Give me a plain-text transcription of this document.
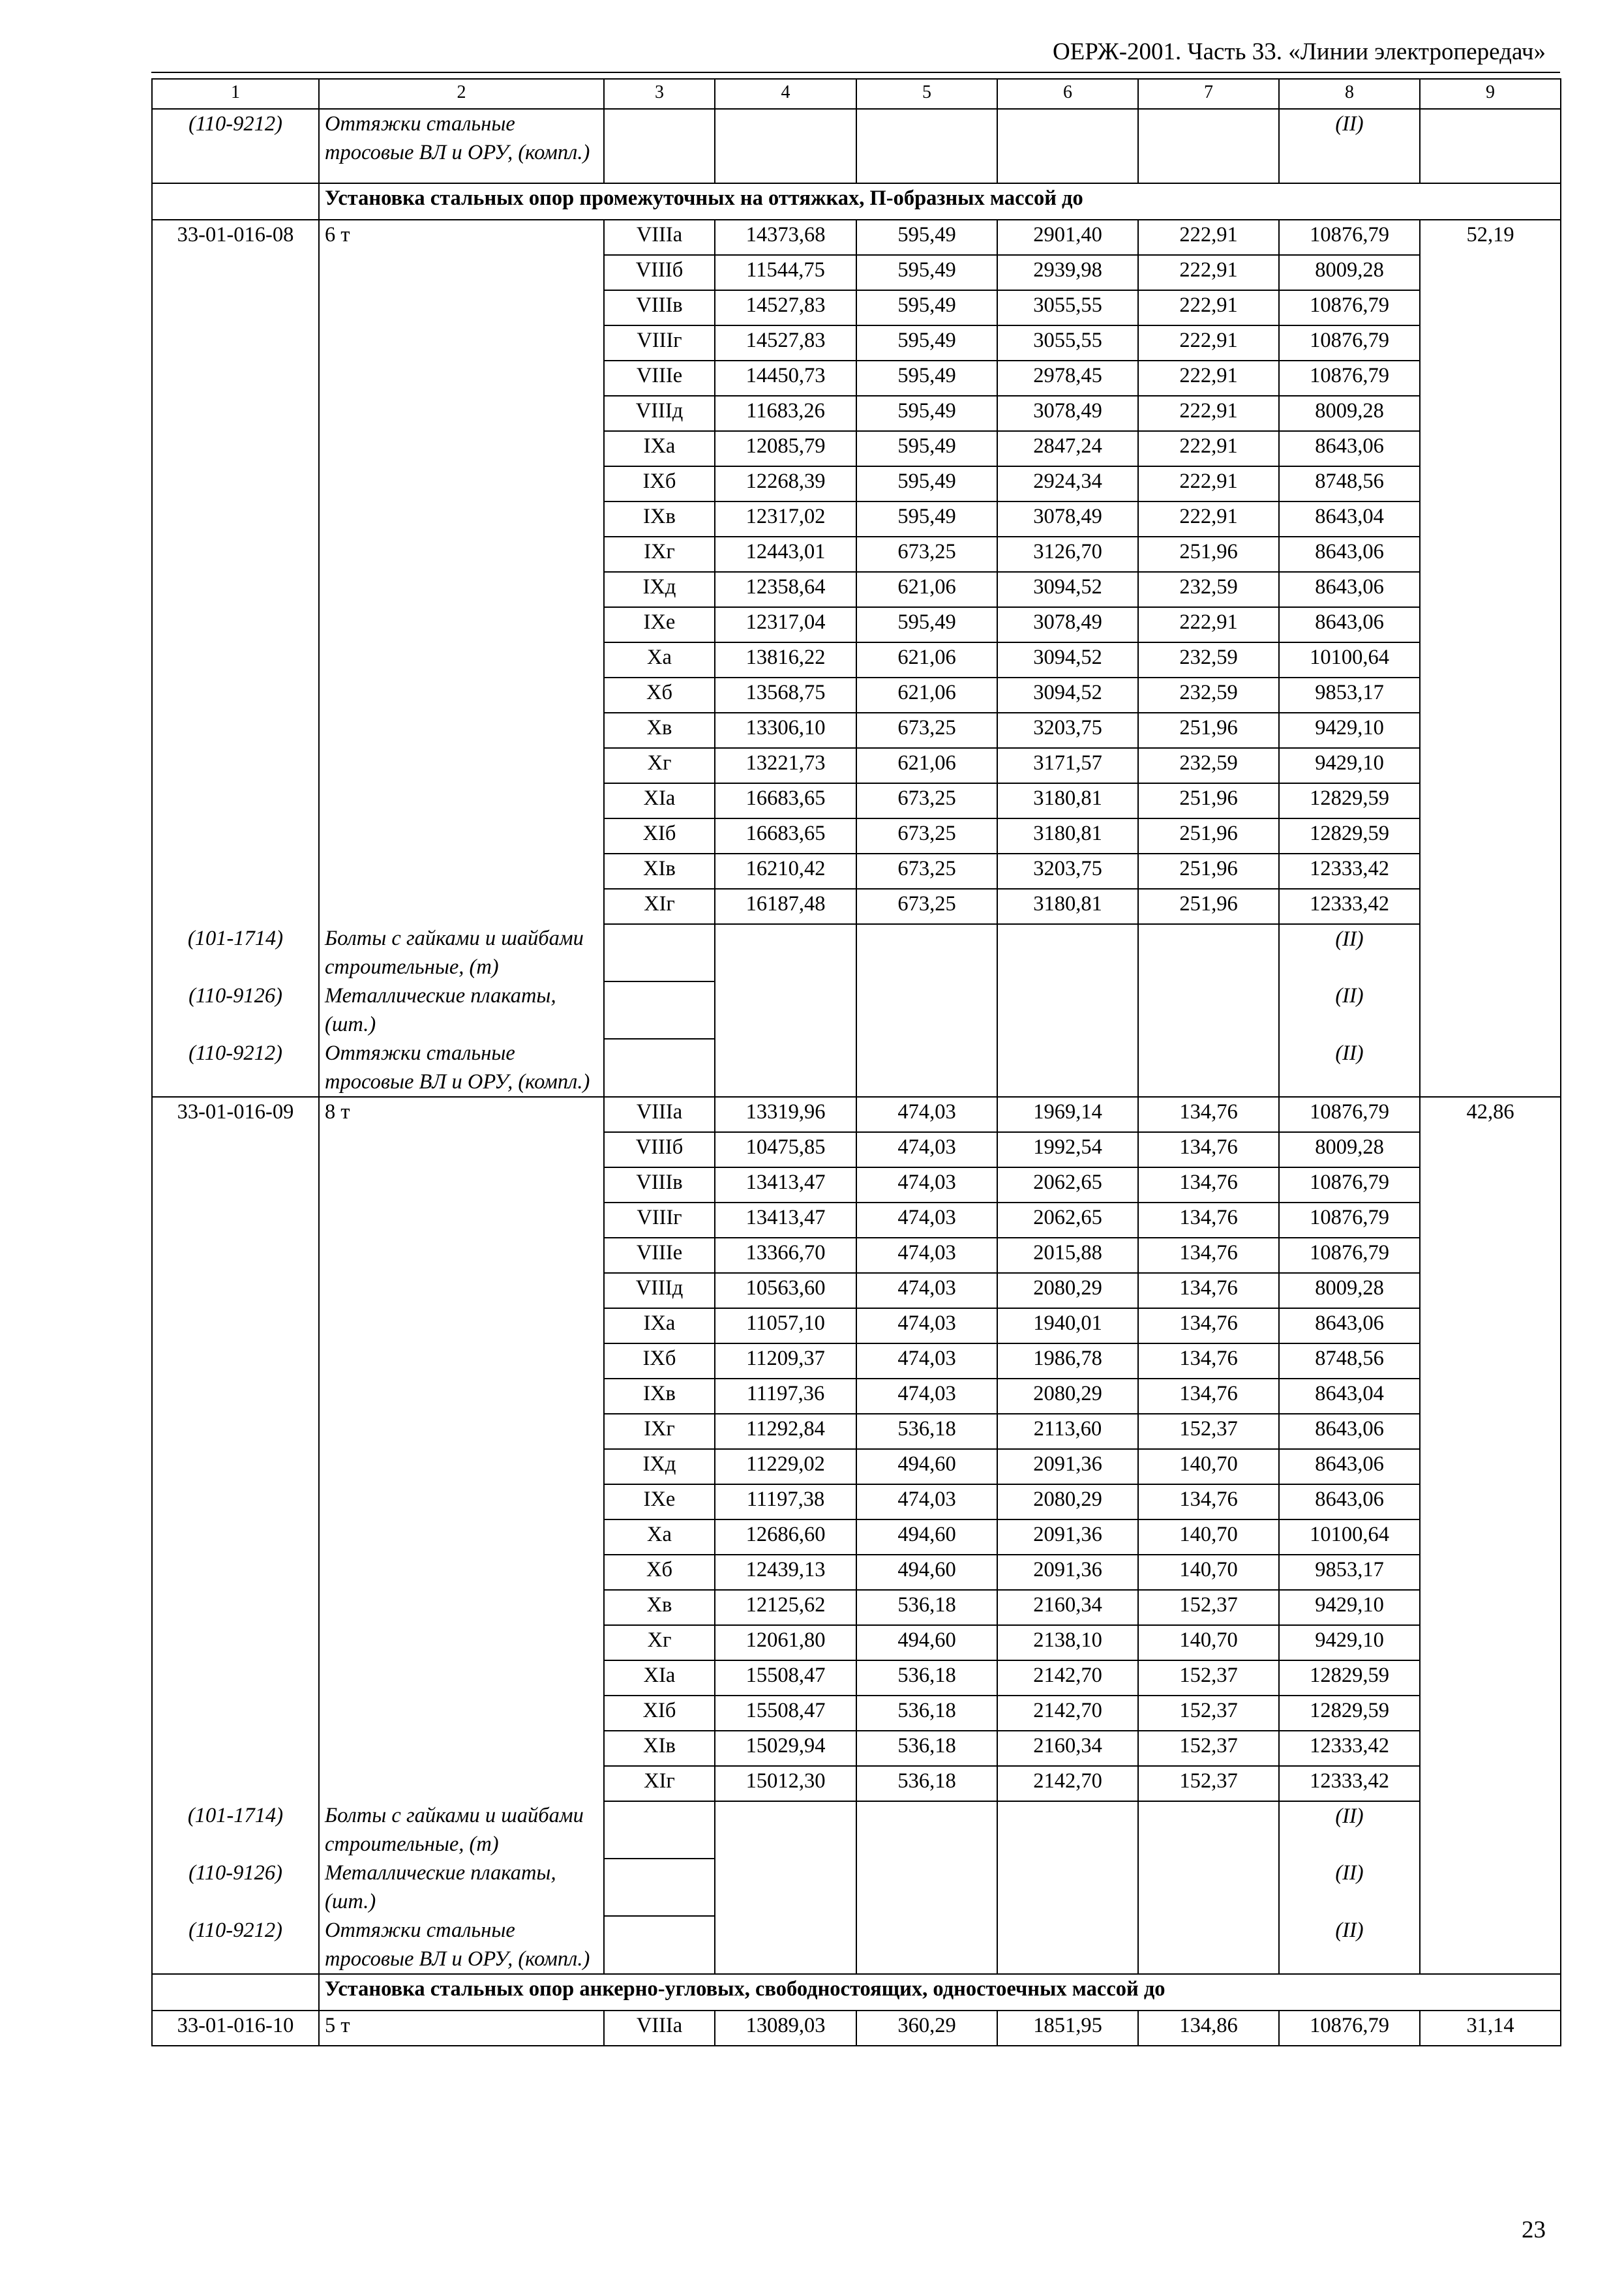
ОЕРЖ-2001. Часть 33. «Линии электропередач»
1	2	3	4	5	6	7	8	9
(110-9212)	Оттяжки стальные тросовые ВЛ и ОРУ, (компл.)						(II)	
	Установка стальных опор промежуточных на оттяжках, П-образных массой до							
33-01-016-08	6 т	VIIIа	14373,68	595,49	2901,40	222,91	10876,79	52,19
		VIIIб	11544,75	595,49	2939,98	222,91	8009,28	
		VIIIв	14527,83	595,49	3055,55	222,91	10876,79	
		VIIIг	14527,83	595,49	3055,55	222,91	10876,79	
		VIIIе	14450,73	595,49	2978,45	222,91	10876,79	
		VIIIд	11683,26	595,49	3078,49	222,91	8009,28	
		IXа	12085,79	595,49	2847,24	222,91	8643,06	
		IXб	12268,39	595,49	2924,34	222,91	8748,56	
		IXв	12317,02	595,49	3078,49	222,91	8643,04	
		IXг	12443,01	673,25	3126,70	251,96	8643,06	
		IXд	12358,64	621,06	3094,52	232,59	8643,06	
		IXе	12317,04	595,49	3078,49	222,91	8643,06	
		Xа	13816,22	621,06	3094,52	232,59	10100,64	
		Xб	13568,75	621,06	3094,52	232,59	9853,17	
		Xв	13306,10	673,25	3203,75	251,96	9429,10	
		Xг	13221,73	621,06	3171,57	232,59	9429,10	
		XIа	16683,65	673,25	3180,81	251,96	12829,59	
		XIб	16683,65	673,25	3180,81	251,96	12829,59	
		XIв	16210,42	673,25	3203,75	251,96	12333,42	
		XIг	16187,48	673,25	3180,81	251,96	12333,42	
(101-1714)	Болты с гайками и шайбами строительные, (т)						(II)	
(110-9126)	Металлические плакаты, (шт.)						(II)	
(110-9212)	Оттяжки стальные тросовые ВЛ и ОРУ, (компл.)						(II)	
33-01-016-09	8 т	VIIIа	13319,96	474,03	1969,14	134,76	10876,79	42,86
		VIIIб	10475,85	474,03	1992,54	134,76	8009,28	
		VIIIв	13413,47	474,03	2062,65	134,76	10876,79	
		VIIIг	13413,47	474,03	2062,65	134,76	10876,79	
		VIIIе	13366,70	474,03	2015,88	134,76	10876,79	
		VIIIд	10563,60	474,03	2080,29	134,76	8009,28	
		IXа	11057,10	474,03	1940,01	134,76	8643,06	
		IXб	11209,37	474,03	1986,78	134,76	8748,56	
		IXв	11197,36	474,03	2080,29	134,76	8643,04	
		IXг	11292,84	536,18	2113,60	152,37	8643,06	
		IXд	11229,02	494,60	2091,36	140,70	8643,06	
		IXе	11197,38	474,03	2080,29	134,76	8643,06	
		Xа	12686,60	494,60	2091,36	140,70	10100,64	
		Xб	12439,13	494,60	2091,36	140,70	9853,17	
		Xв	12125,62	536,18	2160,34	152,37	9429,10	
		Xг	12061,80	494,60	2138,10	140,70	9429,10	
		XIа	15508,47	536,18	2142,70	152,37	12829,59	
		XIб	15508,47	536,18	2142,70	152,37	12829,59	
		XIв	15029,94	536,18	2160,34	152,37	12333,42	
		XIг	15012,30	536,18	2142,70	152,37	12333,42	
(101-1714)	Болты с гайками и шайбами строительные, (т)						(II)	
(110-9126)	Металлические плакаты, (шт.)						(II)	
(110-9212)	Оттяжки стальные тросовые ВЛ и ОРУ, (компл.)						(II)	
	Установка стальных опор анкерно-угловых, свободностоящих, одностоечных массой до							
33-01-016-10	5 т	VIIIа	13089,03	360,29	1851,95	134,86	10876,79	31,14
23
